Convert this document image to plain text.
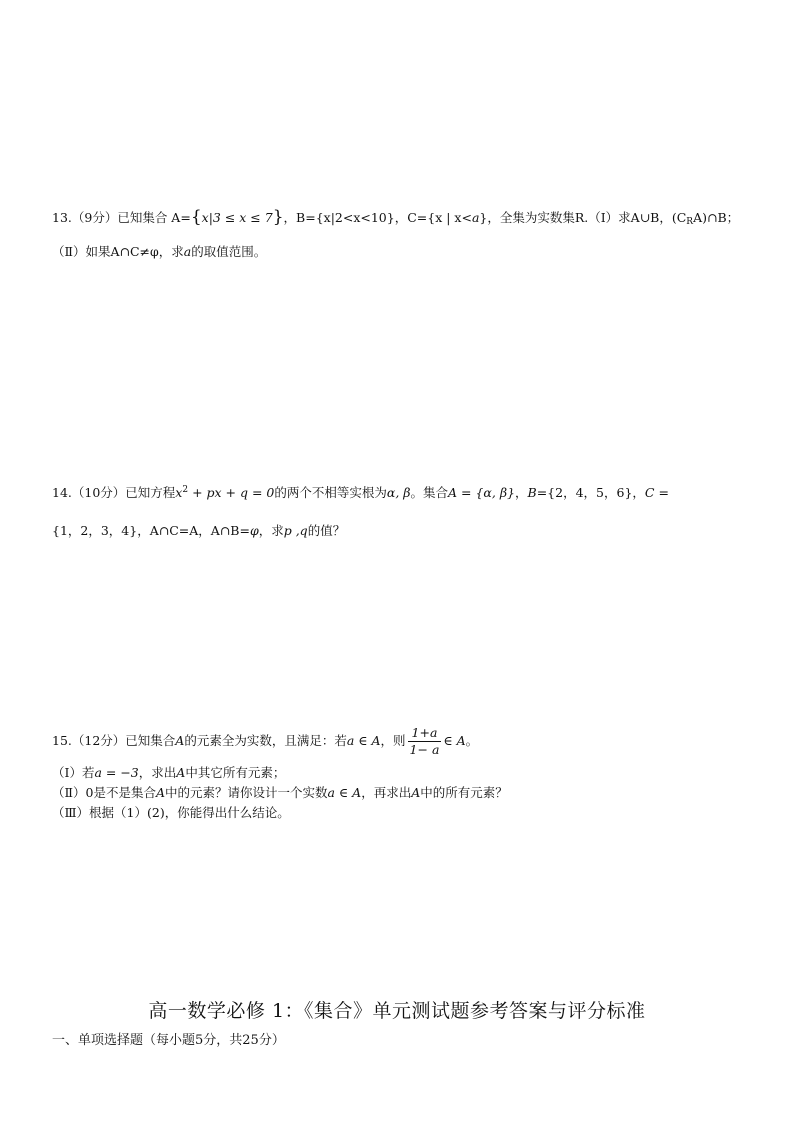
13.（9分）已知集合 A={x|3 ≤ x ≤ 7}，B={x|2<x<10}，C={x | x<a}，全集为实数集R.（Ⅰ）求A∪B，$(C_RA)\cap B$；
（Ⅱ）如果A∩C≠φ，求a的取值范围。
14.（10分）已知方程$x^2$ + px + q = 0的两个不相等实根为α, β。集合A = {α, β}，B={2，4，5，6}，C =
{1，2，3，4}，A∩C=A，A∩B=φ，求p ,q的值？
15.（12分）已知集合A的元素全为实数，且满足：若a ∈ A，则 $\frac{1+a}{1- a}$ ∈ A。
（Ⅰ）若a = −3，求出A中其它所有元素；
（Ⅱ）0是不是集合A中的元素？请你设计一个实数a ∈ A，再求出A中的所有元素？
（Ⅲ）根据（1）(2)，你能得出什么结论。
高一数学必修 1：《集合》单元测试题参考答案与评分标准
一、单项选择题（每小题5分，共25分）
